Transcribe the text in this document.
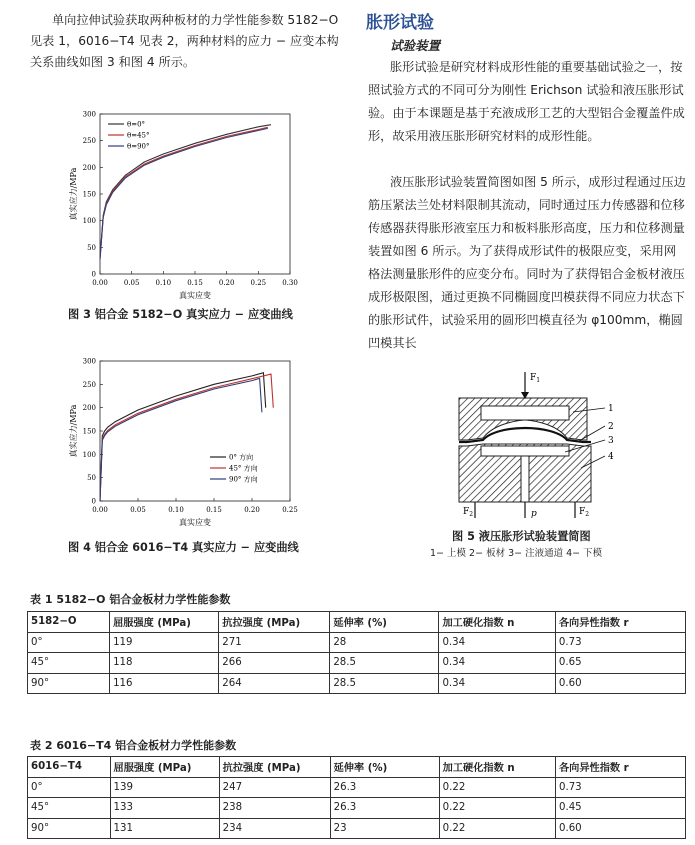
单向拉伸试验获取两种板材的力学性能参数 5182−O 见表 1，6016−T4 见表 2，两种材料的应力 − 应变本构关系曲线如图 3 和图 4 所示。

胀形试验
试验装置

胀形试验是研究材料成形性能的重要基础试验之一，按照试验方式的不同可分为刚性 Erichson 试验和液压胀形试验。由于本课题是基于充液成形工艺的大型铝合金覆盖件成形，故采用液压胀形研究材料的成形性能。

液压胀形试验装置简图如图 5 所示，成形过程通过压边筋压紧法兰处材料限制其流动，同时通过压力传感器和位移传感器获得胀形液室压力和板料胀形高度，压力和位移测量装置如图 6 所示。为了获得成形试件的极限应变，采用网格法测量胀形件的应变分布。同时为了获得铝合金板材液压成形极限图，通过更换不同椭圆度凹模获得不同应力状态下的胀形试件，试验采用的圆形凹模直径为 φ100mm，椭圆凹模其长

0.00 0.05 0.10 0.15 0.20 0.25 0.30
0
50
100
150
200
250
300
真实应变
真实应力/MPa
θ=0°
θ=45°
θ=90°
图 3 铝合金 5182−O 真实应力 − 应变曲线
0.00	0.05	0.10	0.15	0.20	0.25
0
50
100
150
200
250
300
真实应变
真实应力/MPa
0° 方向
45° 方向
90° 方向
图 4 铝合金 6016−T4 真实应力 − 应变曲线
$F_1$
$F_2$	$F_2$
p
1
2
3
4
图 5 液压胀形试验装置简图
1− 上模 2− 板材 3− 注液通道 4− 下模
表 1 5182−O 铝合金板材力学性能参数
5182−O	屈服强度 (MPa)	抗拉强度 (MPa)	延伸率 (%)	加工硬化指数 n	各向异性指数 r
0°	119	271	28	0.34	0.73
45°	118	266	28.5	0.34	0.65
90°	116	264	28.5	0.34	0.60
表 2 6016−T4 铝合金板材力学性能参数
6016−T4	屈服强度 (MPa)	抗拉强度 (MPa)	延伸率 (%)	加工硬化指数 n	各向异性指数 r
0°	139	247	26.3	0.22	0.73
45°	133	238	26.3	0.22	0.45
90°	131	234	23	0.22	0.60
